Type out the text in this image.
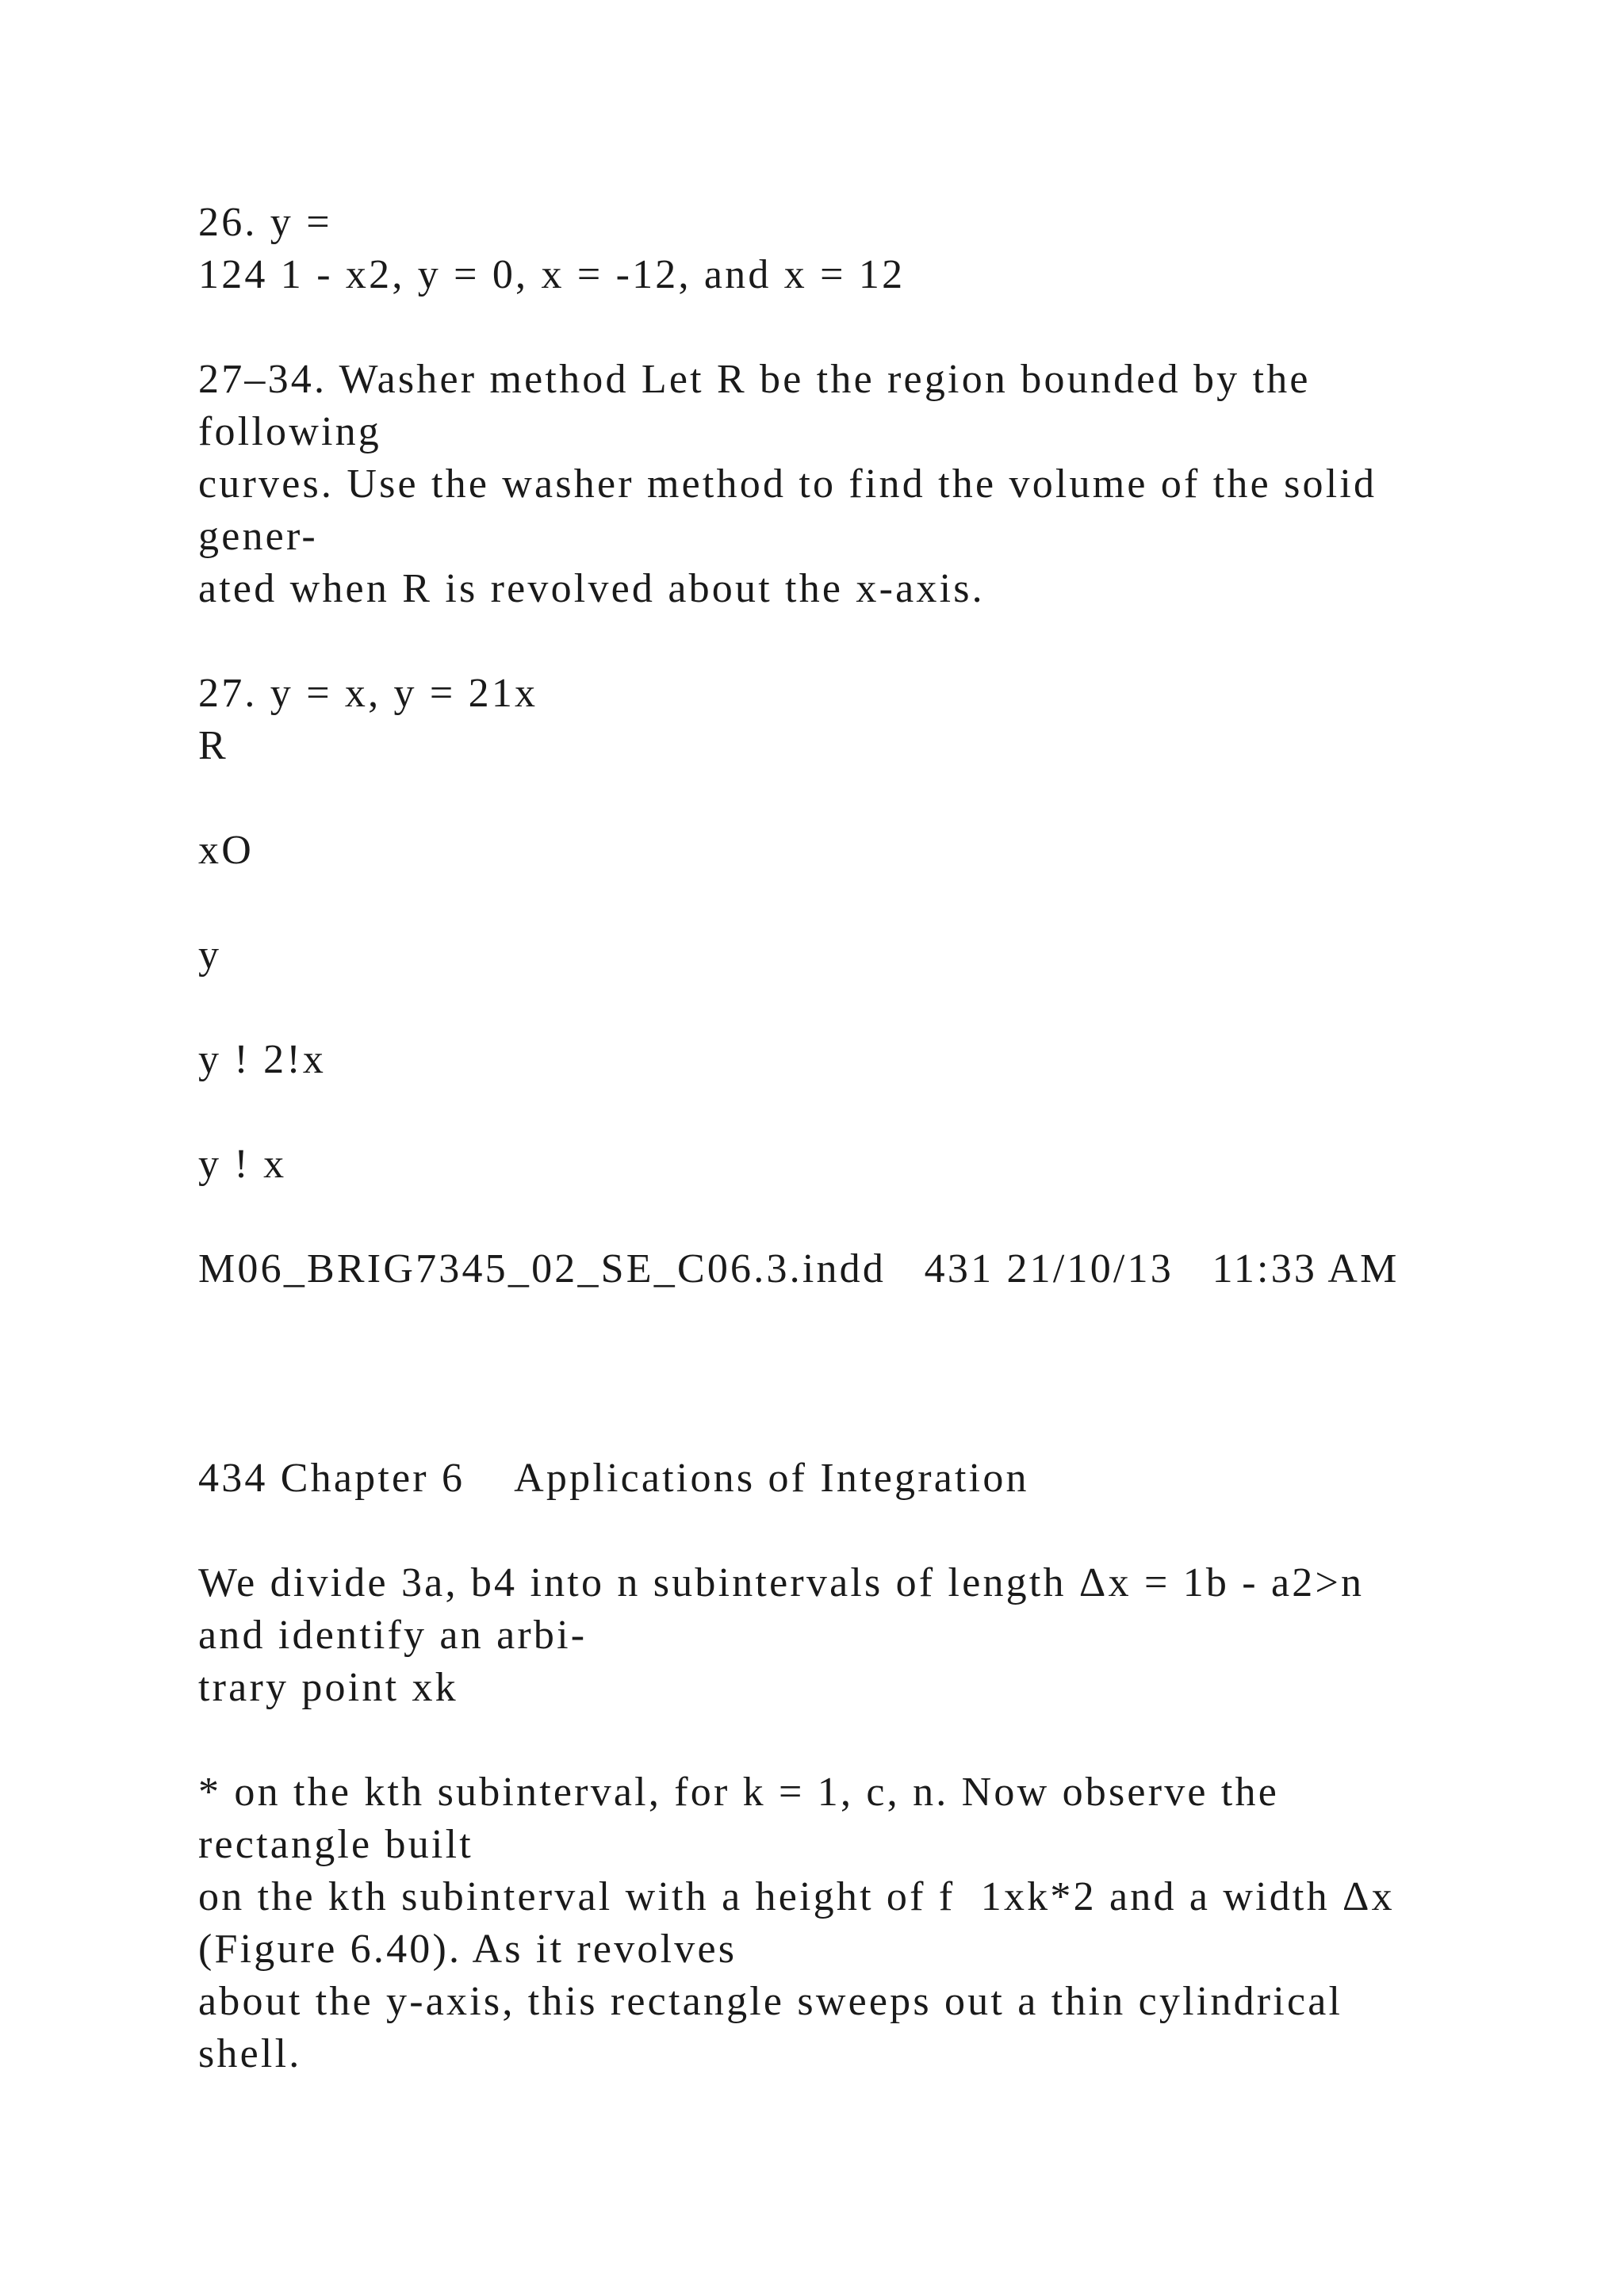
26. y =

124 1 - x2, y = 0, x = -12, and x = 12

27–34. Washer method Let R be the region bounded by the

following

curves. Use the washer method to find the volume of the solid

gener-

ated when R is revolved about the x-axis.

27. y = x, y = 21x

R

xO

y

y ! 2!x

y ! x

M06_BRIG7345_02_SE_C06.3.indd   431 21/10/13   11:33 AM

434 Chapter 6    Applications of Integration

We divide 3a, b4 into n subintervals of length Δx = 1b - a2>n

and identify an arbi-

trary point xk

* on the kth subinterval, for k = 1, c, n. Now observe the

rectangle built

on the kth subinterval with a height of f  1xk*2 and a width Δx

(Figure 6.40). As it revolves

about the y-axis, this rectangle sweeps out a thin cylindrical

shell.
